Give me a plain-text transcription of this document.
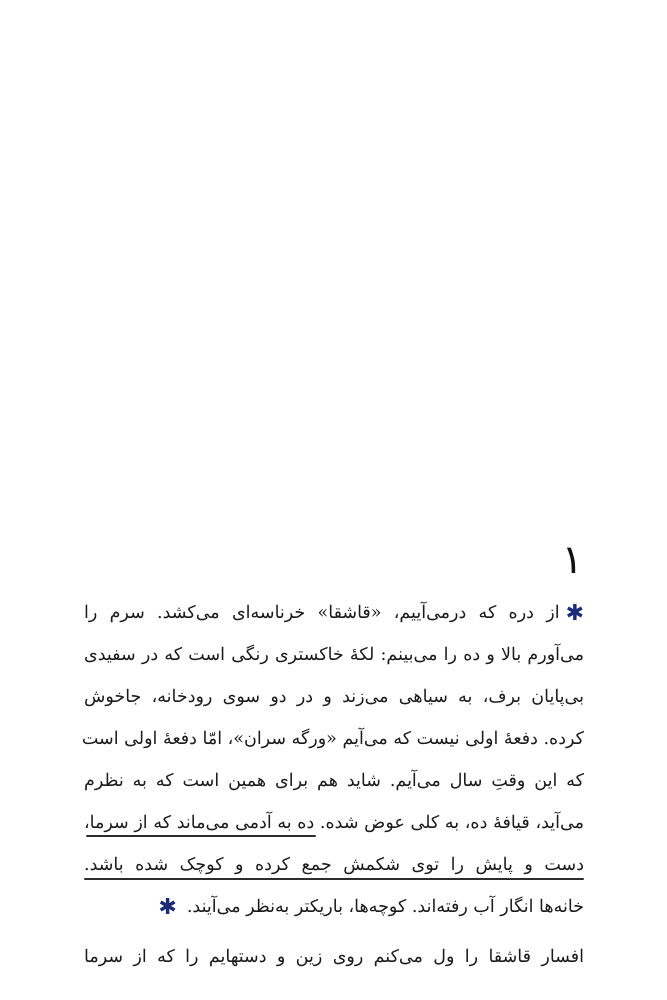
١
✱از دره که درمی‌آییم، «قاشقا» خرناسه‌ای می‌کشد. سرم را
می‌آورم بالا و ده را می‌بینم: لکهٔ خاکستری رنگی است که در سفیدی
بی‌پایان برف، به سیاهی می‌زند و در دو سوی رودخانه، جاخوش
کرده. دفعهٔ اولی نیست که می‌آیم «ورگه سران»، امّا دفعهٔ اولی است
که این وقتِ سال می‌آیم. شاید هم برای همین است که به نظرم
می‌آید، قیافهٔ ده، به کلی عوض شده. ده به آدمی می‌ماند که از سرما،
دست و پایش را توی شکمش جمع کرده و کوچک شده باشد.
خانه‌ها انگار آب رفته‌اند. کوچه‌ها، باریکتر به‌نظر می‌آیند.✱
افسار قاشقا را ول می‌کنم روی زین و دستهایم را که از سرما
